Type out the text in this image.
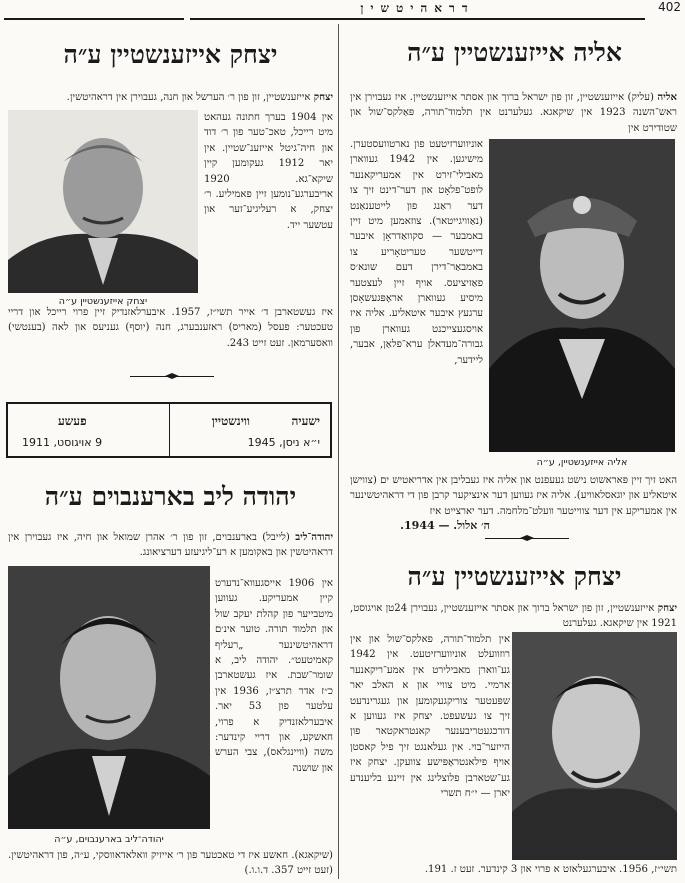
דראהיטשין	402
אליה אייזענשטיין ע״ה
אליה (עליק) אייזענשטיין, זון פון ישראל ברוך און אסתר אייזענשטיין. איז געבוירן אין ראש־השנה 1923 אין שיקאגא. געלערנט אין תלמוד־תורה, פּאַלקס־שול און שטודירט אין
אוניווערזיטעט פון נארטוועסטערן. מישיגען. אין 1942 געווארן מאבילי־זירט אין אמעריקאנער לופט־פלאָט און דער־דינט זיך צו דער ראַנג פון לייטענאַנט (נאַוויגייטאר). צוזאמען מיט זיין באמבער — סקוואַדראָן איבער דייטשער טעריטאָריע צו באמבאַר־דירן דעם שונא׳ס פאַזיציעס. אויף זיין לעצטער מיסיע געווארן אראָפּגעשאָסן ערגעץ איבער איטאליע. אליה איז אויסגעצייכנט געווארן פון גבורה־מעדאלן ערא־פלאַן, אבער, ליידער,
אליה אייזענשטיין, ע״ה
האט זיך זיין פּאראשוט נישט געעפנט און אליה איז געבליבן אין אדריאטיש ים (צווישן איטאליע און יוגאסלאוויע). אליה איז געווען דער אינציקער קרבן פון די דראהיטשינער אין אמעריקע אין דער צווייטער וועלט־מלחמה. דער יארצייט איז
ה׳ אלול. — 1944.
יצחק אייזענשטיין ע״ה
יצחק אייזענשטיין, זון פון ישראל ברוך און אסתר אייזענשטיין, געבוירן 24טן אויגוסט, 1921 אין שיקאגא. געלערנט
אין תלמוד־תורה, פאלקס־שול און אין רוזוועלט אוניווערזיטעט. אין 1942 גע־ווארן מאבילירט אין אמע־ריקאנער ארמיי. מיט צוויי און א האלב יאר שפּעטער צוריקגעקומען און געגרינדעט זיך צו געשעפט. יצחק איז געווען א דורכגעטריבענער קאנטראקטאר פון הייזער־בוי. אין געלאנגט זיך פיל קאסטן אויף פילאנטראָפּישע צוועקן. יצחק איז גע־שטארבן פלוצלינג אין זיינע בליענדע יארן — י״ח תשרי
תשי״ז, 1956. איבערגעלאזט א פרוי און 3 קינדער. זעט ז. 191.
יצחק אייזענשטיין ע״ה
יצחק אייזענשטיין, זון פון ר׳ הערשל און חנה, געבוירן אין דראהיטשין.
אין 1904 בערך חתונה געהאט מיט רייכל, טאכ־טער פון ר׳ דוד און חיה־גיטל אייזענ־שטיין. אין יאר 1912 געקומען קיין שיקא־גא. 1920 אריבערגע־נומען זיין פאמיליע. ר׳ יצחק, א רעליגיע־זער און עטשער ייד.
יצחק אייזענשטיין ע״ה
איז געשטארבן ד׳ אייר תשי״ז, 1957. איבערלאזנדיק זיין פרוי רייכל און דריי טעכטער: פעסל (מאריס) ראזענבערג, חנה (יוסף) געניעס און לאה (בענטשי) וואסערמאן. זעט זייט 243.
ישעיה
ווינשטיין
י״א ניסן, 1945
פעשע
9 אויגוסט, 1911
יהודה ליב בארענבוים ע״ה
יהודה־ליב (לייבל) בארענבוים, זון פון ר׳ אהרן שמואל און חיה, איז געבוירן אין דראהיטשין און באקומען א רע־ליגיעזע דערציאונג.
אין 1906 אייסגעווא־נדערט קיין אמעריקע. געווען מיטבייער פון קהלת יעקב שול און תלמוד תורה. טוער אינ׳ם דראהיטשינער „רעליף קאמיטעט״. יהודה ליב, א שומר־שבת. איז געשטארבן כ״ז אדר תרצ״ז, 1936 אין עלטער פון 53 יאר. איבערלאזנדיק א פרוי, חאשקע, און דריי קינדער: משה (וויינגלאס), צבי הערש און שושנה
יהודה־ליב בארענבוים, ע״ה
(שיקאגא). חאשע איז די טאכטער פון ר׳ אייזיק וואלאדאווסקי, ע״ה, פון דראהיטשין. (זעט זייט 357. ד.ו.ו.)
